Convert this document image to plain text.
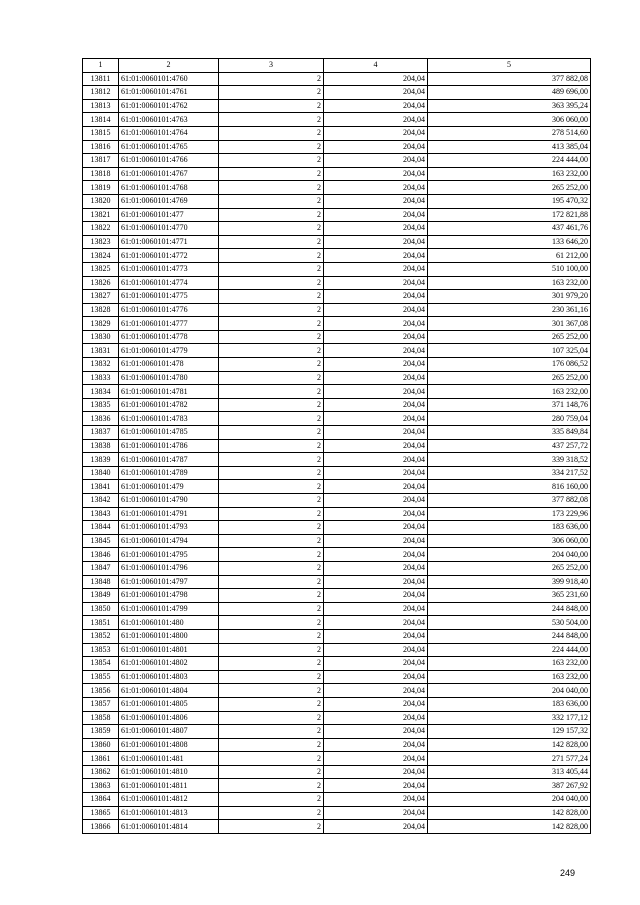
1	2	3	4	5
13811	61:01:0060101:4760	2	204,04	377 882,08
13812	61:01:0060101:4761	2	204,04	489 696,00
13813	61:01:0060101:4762	2	204,04	363 395,24
13814	61:01:0060101:4763	2	204,04	306 060,00
13815	61:01:0060101:4764	2	204,04	278 514,60
13816	61:01:0060101:4765	2	204,04	413 385,04
13817	61:01:0060101:4766	2	204,04	224 444,00
13818	61:01:0060101:4767	2	204,04	163 232,00
13819	61:01:0060101:4768	2	204,04	265 252,00
13820	61:01:0060101:4769	2	204,04	195 470,32
13821	61:01:0060101:477	2	204,04	172 821,88
13822	61:01:0060101:4770	2	204,04	437 461,76
13823	61:01:0060101:4771	2	204,04	133 646,20
13824	61:01:0060101:4772	2	204,04	61 212,00
13825	61:01:0060101:4773	2	204,04	510 100,00
13826	61:01:0060101:4774	2	204,04	163 232,00
13827	61:01:0060101:4775	2	204,04	301 979,20
13828	61:01:0060101:4776	2	204,04	230 361,16
13829	61:01:0060101:4777	2	204,04	301 367,08
13830	61:01:0060101:4778	2	204,04	265 252,00
13831	61:01:0060101:4779	2	204,04	107 325,04
13832	61:01:0060101:478	2	204,04	176 086,52
13833	61:01:0060101:4780	2	204,04	265 252,00
13834	61:01:0060101:4781	2	204,04	163 232,00
13835	61:01:0060101:4782	2	204,04	371 148,76
13836	61:01:0060101:4783	2	204,04	280 759,04
13837	61:01:0060101:4785	2	204,04	335 849,84
13838	61:01:0060101:4786	2	204,04	437 257,72
13839	61:01:0060101:4787	2	204,04	339 318,52
13840	61:01:0060101:4789	2	204,04	334 217,52
13841	61:01:0060101:479	2	204,04	816 160,00
13842	61:01:0060101:4790	2	204,04	377 882,08
13843	61:01:0060101:4791	2	204,04	173 229,96
13844	61:01:0060101:4793	2	204,04	183 636,00
13845	61:01:0060101:4794	2	204,04	306 060,00
13846	61:01:0060101:4795	2	204,04	204 040,00
13847	61:01:0060101:4796	2	204,04	265 252,00
13848	61:01:0060101:4797	2	204,04	399 918,40
13849	61:01:0060101:4798	2	204,04	365 231,60
13850	61:01:0060101:4799	2	204,04	244 848,00
13851	61:01:0060101:480	2	204,04	530 504,00
13852	61:01:0060101:4800	2	204,04	244 848,00
13853	61:01:0060101:4801	2	204,04	224 444,00
13854	61:01:0060101:4802	2	204,04	163 232,00
13855	61:01:0060101:4803	2	204,04	163 232,00
13856	61:01:0060101:4804	2	204,04	204 040,00
13857	61:01:0060101:4805	2	204,04	183 636,00
13858	61:01:0060101:4806	2	204,04	332 177,12
13859	61:01:0060101:4807	2	204,04	129 157,32
13860	61:01:0060101:4808	2	204,04	142 828,00
13861	61:01:0060101:481	2	204,04	271 577,24
13862	61:01:0060101:4810	2	204,04	313 405,44
13863	61:01:0060101:4811	2	204,04	387 267,92
13864	61:01:0060101:4812	2	204,04	204 040,00
13865	61:01:0060101:4813	2	204,04	142 828,00
13866	61:01:0060101:4814	2	204,04	142 828,00
249
